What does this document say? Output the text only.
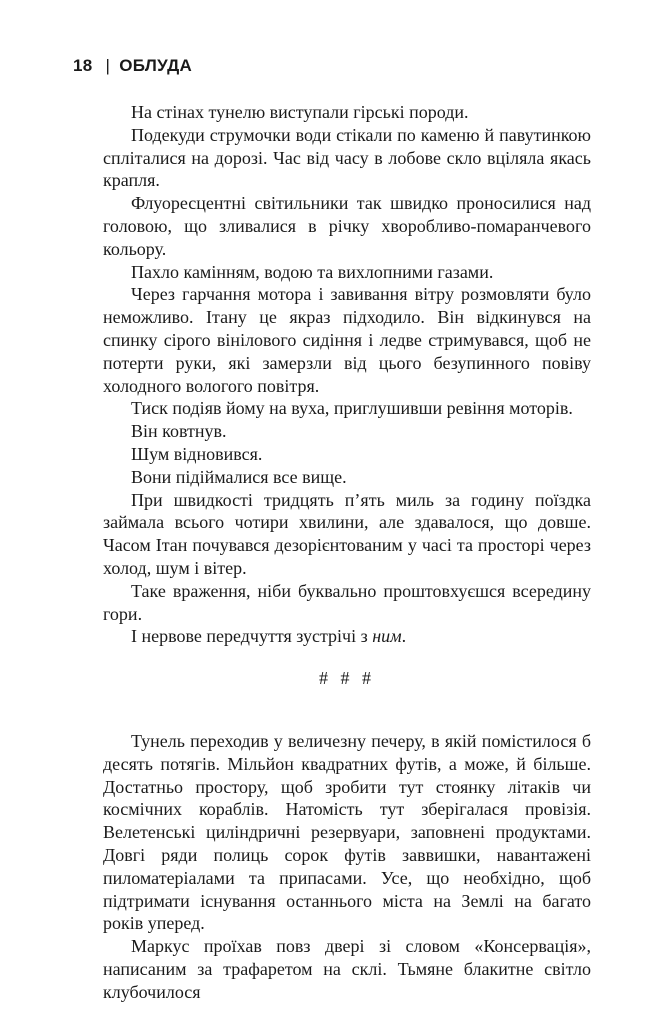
18 | ОБЛУДА

На стінах тунелю виступали гірські породи.

Подекуди струмочки води стікали по каменю й павутинкою спліталися на дорозі. Час від часу в лобове скло вціляла якась крапля.

Флуоресцентні світильники так швидко проносилися над головою, що зливалися в річку хворобливо-помаранчевого кольору.

Пахло камінням, водою та вихлопними газами.

Через гарчання мотора і завивання вітру розмовляти було неможливо. Ітану це якраз підходило. Він відкинувся на спинку сірого вінілового сидіння і ледве стримувався, щоб не потерти руки, які замерзли від цього безупинного повіву холодного вологого повітря.

Тиск подіяв йому на вуха, приглушивши ревіння моторів.

Він ковтнув.

Шум відновився.

Вони підіймалися все вище.

При швидкості тридцять п’ять миль за годину поїздка займала всього чотири хвилини, але здавалося, що довше. Часом Ітан почувався дезорієнтованим у часі та просторі через холод, шум і вітер.

Таке враження, ніби буквально проштовхуєшся всередину гори.

І нервове передчуття зустрічі з ним.

# # #

Тунель переходив у величезну печеру, в якій помістилося б десять потягів. Мільйон квадратних футів, а може, й більше. Достатньо простору, щоб зробити тут стоянку літаків чи космічних кораблів. Натомість тут зберігалася провізія. Велетенські циліндричні резервуари, заповнені продуктами. Довгі ряди полиць сорок футів заввишки, навантажені пиломатеріалами та припасами. Усе, що необхідно, щоб підтримати існування останнього міста на Землі на багато років уперед.

Маркус проїхав повз двері зі словом «Консервація», написаним за трафаретом на склі. Тьмяне блакитне світло клубочилося
